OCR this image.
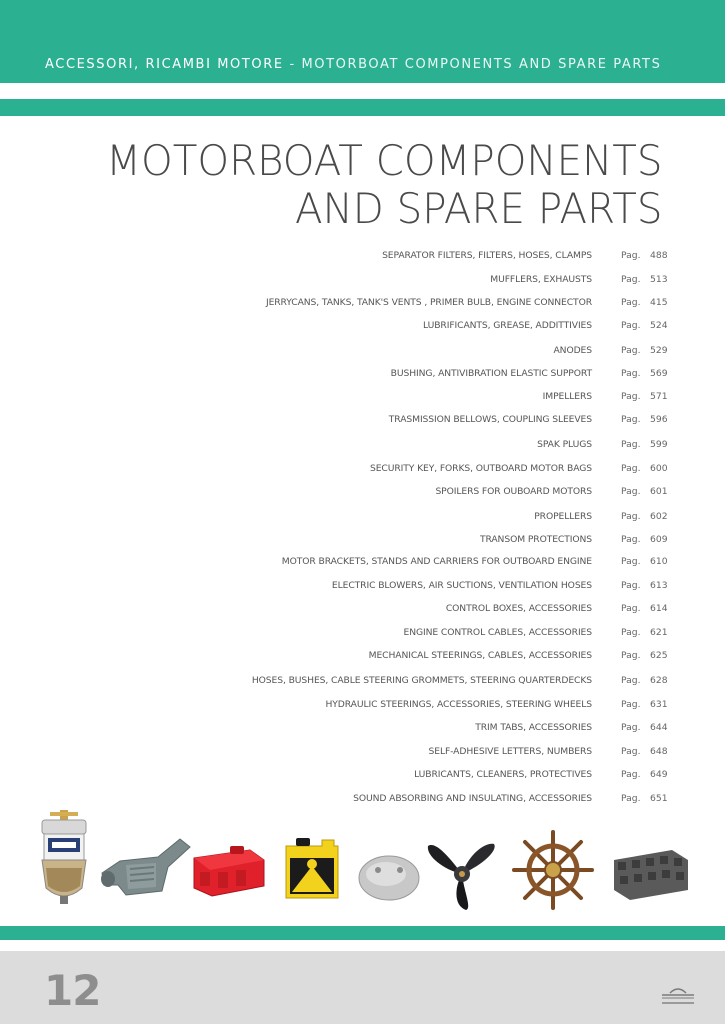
ACCESSORI, RICAMBI MOTORE - MOTORBOAT COMPONENTS AND SPARE PARTS
MOTORBOAT COMPONENTS
AND SPARE PARTS
SEPARATOR FILTERS, FILTERS, HOSES, CLAMPS	Pag. 488
MUFFLERS, EXHAUSTS	Pag. 513
JERRYCANS, TANKS, TANK'S VENTS , PRIMER BULB, ENGINE CONNECTOR	Pag. 415
LUBRIFICANTS, GREASE, ADDITTIVIES	Pag. 524
ANODES	Pag. 529
BUSHING, ANTIVIBRATION ELASTIC SUPPORT	Pag. 569
IMPELLERS	Pag. 571
TRASMISSION BELLOWS, COUPLING SLEEVES	Pag. 596
SPAK PLUGS	Pag. 599
SECURITY KEY, FORKS, OUTBOARD MOTOR BAGS	Pag. 600
SPOILERS FOR OUBOARD MOTORS	Pag. 601
PROPELLERS	Pag. 602
TRANSOM PROTECTIONS	Pag. 609
MOTOR BRACKETS, STANDS AND CARRIERS FOR OUTBOARD ENGINE	Pag. 610
ELECTRIC BLOWERS, AIR SUCTIONS, VENTILATION HOSES	Pag. 613
CONTROL BOXES, ACCESSORIES	Pag. 614
ENGINE CONTROL CABLES, ACCESSORIES	Pag. 621
MECHANICAL STEERINGS, CABLES, ACCESSORIES	Pag. 625
HOSES, BUSHES, CABLE STEERING GROMMETS, STEERING QUARTERDECKS	Pag. 628
HYDRAULIC STEERINGS, ACCESSORIES, STEERING WHEELS	Pag. 631
TRIM TABS, ACCESSORIES	Pag. 644
SELF-ADHESIVE LETTERS, NUMBERS	Pag. 648
LUBRICANTS, CLEANERS, PROTECTIVES	Pag. 649
SOUND ABSORBING AND INSULATING, ACCESSORIES	Pag. 651
12
